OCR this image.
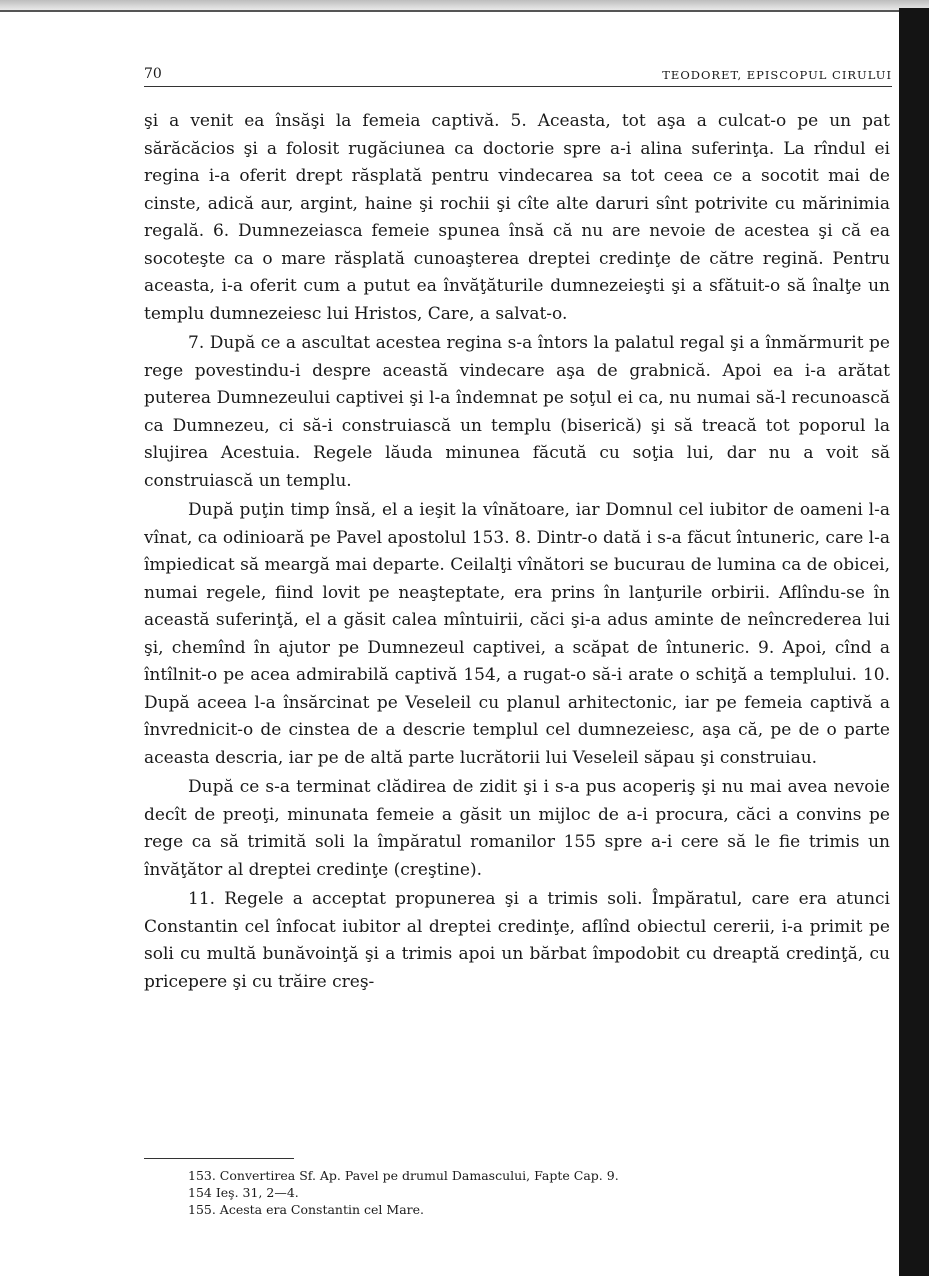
70	TEODORET, EPISCOPUL CIRULUI

şi a venit ea însăşi la femeia captivă. 5. Aceasta, tot aşa a culcat-o pe un pat sărăcăcios şi a folosit rugăciunea ca doctorie spre a-i alina suferinţa. La rîndul ei regina i-a oferit drept răsplată pentru vindecarea sa tot ceea ce a socotit mai de cinste, adică aur, argint, haine şi rochii şi cîte alte daruri sînt potrivite cu mărinimia regală. 6. Dumnezeiasca femeie spunea însă că nu are nevoie de acestea şi că ea socoteşte ca o mare răsplată cunoaşterea dreptei credinţe de către regină. Pentru aceasta, i-a oferit cum a putut ea învăţăturile dumnezeieşti şi a sfătuit-o să înalţe un templu dumnezeiesc lui Hristos, Care, a salvat-o.

7. După ce a ascultat acestea regina s-a întors la palatul regal şi a înmărmurit pe rege povestindu-i despre această vindecare aşa de grabnică. Apoi ea i-a arătat puterea Dumnezeului captivei şi l-a îndemnat pe soţul ei ca, nu numai să-l recunoască ca Dumnezeu, ci să-i construiască un templu (biserică) şi să treacă tot poporul la slujirea Acestuia. Regele lăuda minunea făcută cu soţia lui, dar nu a voit să construiască un templu.

După puţin timp însă, el a ieşit la vînătoare, iar Domnul cel iubitor de oameni l-a vînat, ca odinioară pe Pavel apostolul 153. 8. Dintr-o dată i s-a făcut întuneric, care l-a împiedicat să meargă mai departe. Ceilalţi vînători se bucurau de lumina ca de obicei, numai regele, fiind lovit pe neaşteptate, era prins în lanţurile orbirii. Aflîndu-se în această suferinţă, el a găsit calea mîntuirii, căci şi-a adus aminte de neîncrederea lui şi, chemînd în ajutor pe Dumnezeul captivei, a scăpat de întuneric. 9. Apoi, cînd a întîlnit-o pe acea admirabilă captivă 154, a rugat-o să-i arate o schiţă a templului. 10. După aceea l-a însărcinat pe Veseleil cu planul arhitectonic, iar pe femeia captivă a învrednicit-o de cinstea de a descrie templul cel dumnezeiesc, aşa că, pe de o parte aceasta descria, iar pe de altă parte lucrătorii lui Veseleil săpau şi construiau.

După ce s-a terminat clădirea de zidit şi i s-a pus acoperiş şi nu mai avea nevoie decît de preoţi, minunata femeie a găsit un mijloc de a-i procura, căci a convins pe rege ca să trimită soli la împăratul romanilor 155 spre a-i cere să le fie trimis un învăţător al dreptei credinţe (creştine).

11. Regele a acceptat propunerea şi a trimis soli. Împăratul, care era atunci Constantin cel înfocat iubitor al dreptei credinţe, aflînd obiectul cererii, i-a primit pe soli cu multă bunăvoinţă şi a trimis apoi un bărbat împodobit cu dreaptă credinţă, cu pricepere şi cu trăire creş-

153. Convertirea Sf. Ap. Pavel pe drumul Damascului, Fapte Cap. 9.

154 Ieş. 31, 2—4.

155. Acesta era Constantin cel Mare.
